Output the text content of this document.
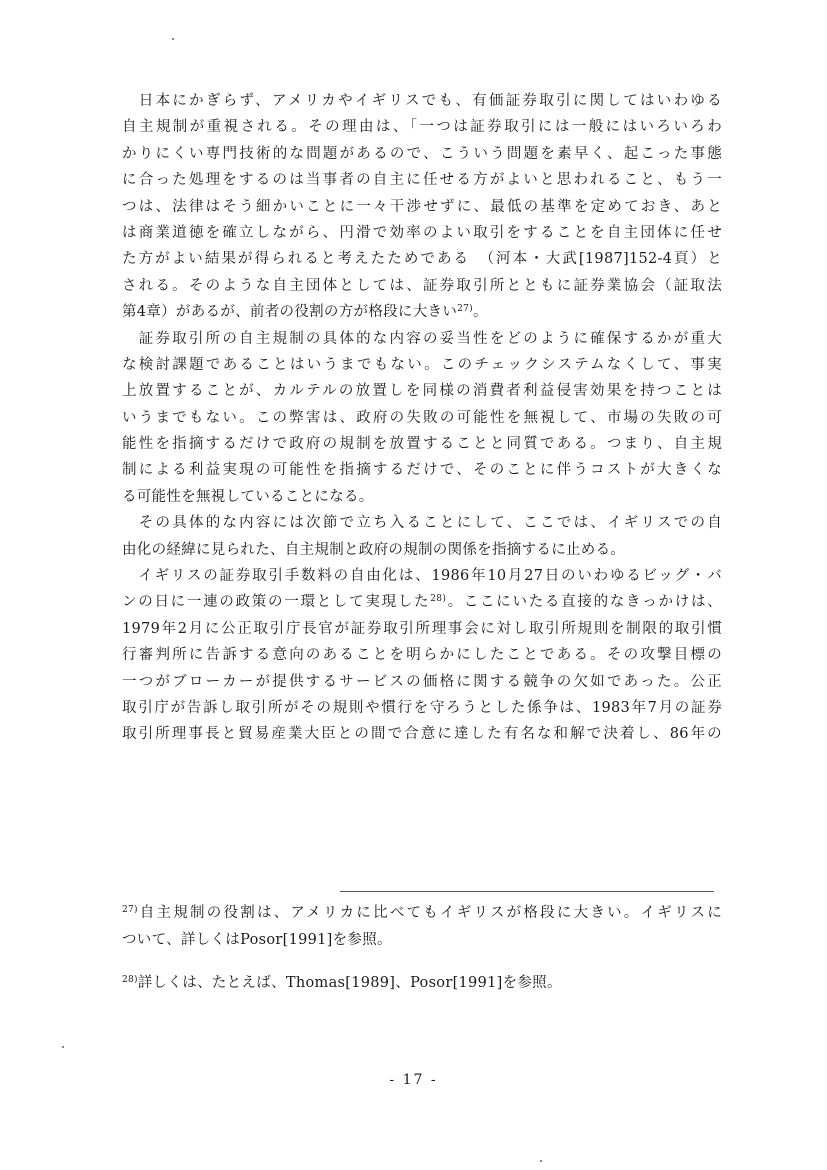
　日本にかぎらず、アメリカやイギリスでも、有価証券取引に関してはいわゆる
自主規制が重視される。その理由は、「一つは証券取引には一般にはいろいろわ
かりにくい専門技術的な問題があるので、こういう問題を素早く、起こった事態
に合った処理をするのは当事者の自主に任せる方がよいと思われること、もう一
つは、法律はそう細かいことに一々干渉せずに、最低の基準を定めておき、あと
は商業道徳を確立しながら、円滑で効率のよい取引をすることを自主団体に任せ
た方がよい結果が得られると考えたためである　（河本・大武[1987]152-4頁）と
される。そのような自主団体としては、証券取引所とともに証券業協会（証取法
第4章）があるが、前者の役割の方が格段に大きい$^{27)}$。
　証券取引所の自主規制の具体的な内容の妥当性をどのように確保するかが重大
な検討課題であることはいうまでもない。このチェックシステムなくして、事実
上放置することが、カルテルの放置しを同様の消費者利益侵害効果を持つことは
いうまでもない。この弊害は、政府の失敗の可能性を無視して、市場の失敗の可
能性を指摘するだけで政府の規制を放置することと同質である。つまり、自主規
制による利益実現の可能性を指摘するだけで、そのことに伴うコストが大きくな
る可能性を無視していることになる。
　その具体的な内容には次節で立ち入ることにして、ここでは、イギリスでの自
由化の経緯に見られた、自主規制と政府の規制の関係を指摘するに止める。
　イギリスの証券取引手数料の自由化は、1986年10月27日のいわゆるビッグ・バ
ンの日に一連の政策の一環として実現した$^{28)}$。ここにいたる直接的なきっかけは、
1979年2月に公正取引庁長官が証券取引所理事会に対し取引所規則を制限的取引慣
行審判所に告訴する意向のあることを明らかにしたことである。その攻撃目標の
一つがブローカーが提供するサービスの価格に関する競争の欠如であった。公正
取引庁が告訴し取引所がその規則や慣行を守ろうとした係争は、1983年7月の証券
取引所理事長と貿易産業大臣との間で合意に達した有名な和解で決着し、86年の
$^{27)}$自主規制の役割は、アメリカに比べてもイギリスが格段に大きい。イギリスに
ついて、詳しくはPosor[1991]を参照。
$^{28)}$詳しくは、たとえば、Thomas[1989]、Posor[1991]を参照。
- 17 -
